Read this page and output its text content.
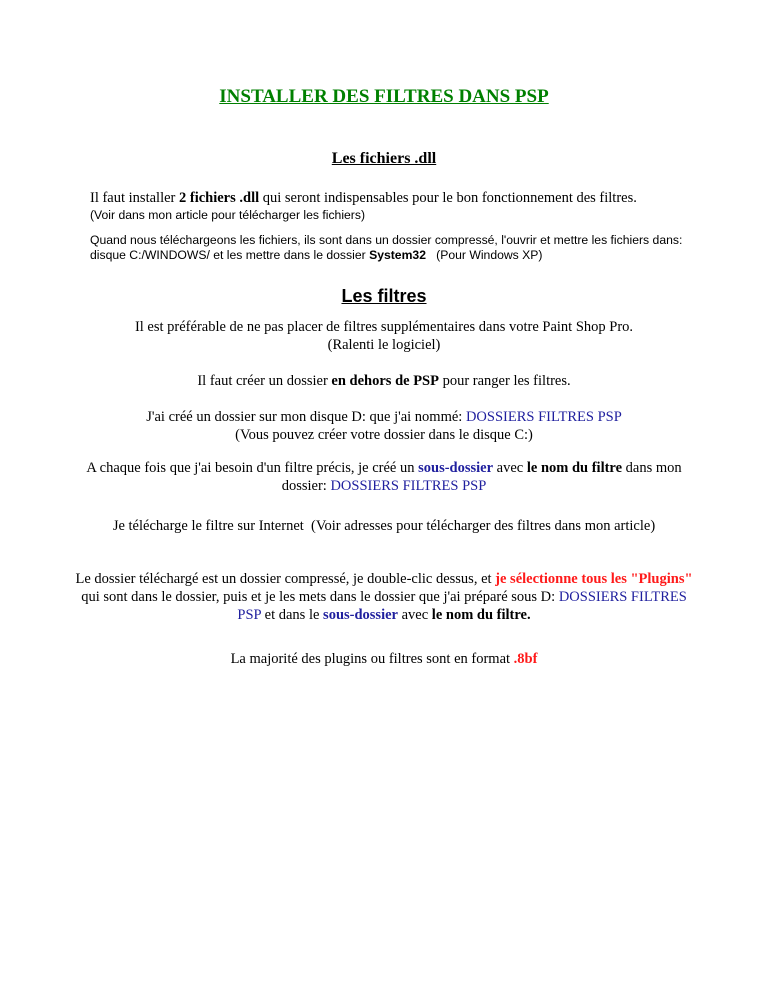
INSTALLER DES FILTRES DANS PSP
Les fichiers .dll

Il faut installer 2 fichiers .dll qui seront indispensables pour le bon fonctionnement des filtres.

(Voir dans mon article pour télécharger les fichiers)

Quand nous téléchargeons les fichiers, ils sont dans un dossier compressé, l'ouvrir et mettre les fichiers dans: disque C:/WINDOWS/ et les mettre dans le dossier System32   (Pour Windows XP)

Les filtres

Il est préférable de ne pas placer de filtres supplémentaires dans votre Paint Shop Pro.
(Ralenti le logiciel)

Il faut créer un dossier en dehors de PSP pour ranger les filtres.

J'ai créé un dossier sur mon disque D: que j'ai nommé: DOSSIERS FILTRES PSP
(Vous pouvez créer votre dossier dans le disque C:)

A chaque fois que j'ai besoin d'un filtre précis, je créé un sous-dossier avec le nom du filtre dans mon dossier: DOSSIERS FILTRES PSP

Je télécharge le filtre sur Internet  (Voir adresses pour télécharger des filtres dans mon article)

Le dossier téléchargé est un dossier compressé, je double-clic dessus, et je sélectionne tous les "Plugins" qui sont dans le dossier, puis et je les mets dans le dossier que j'ai préparé sous D: DOSSIERS FILTRES PSP et dans le sous-dossier avec le nom du filtre.

La majorité des plugins ou filtres sont en format .8bf
